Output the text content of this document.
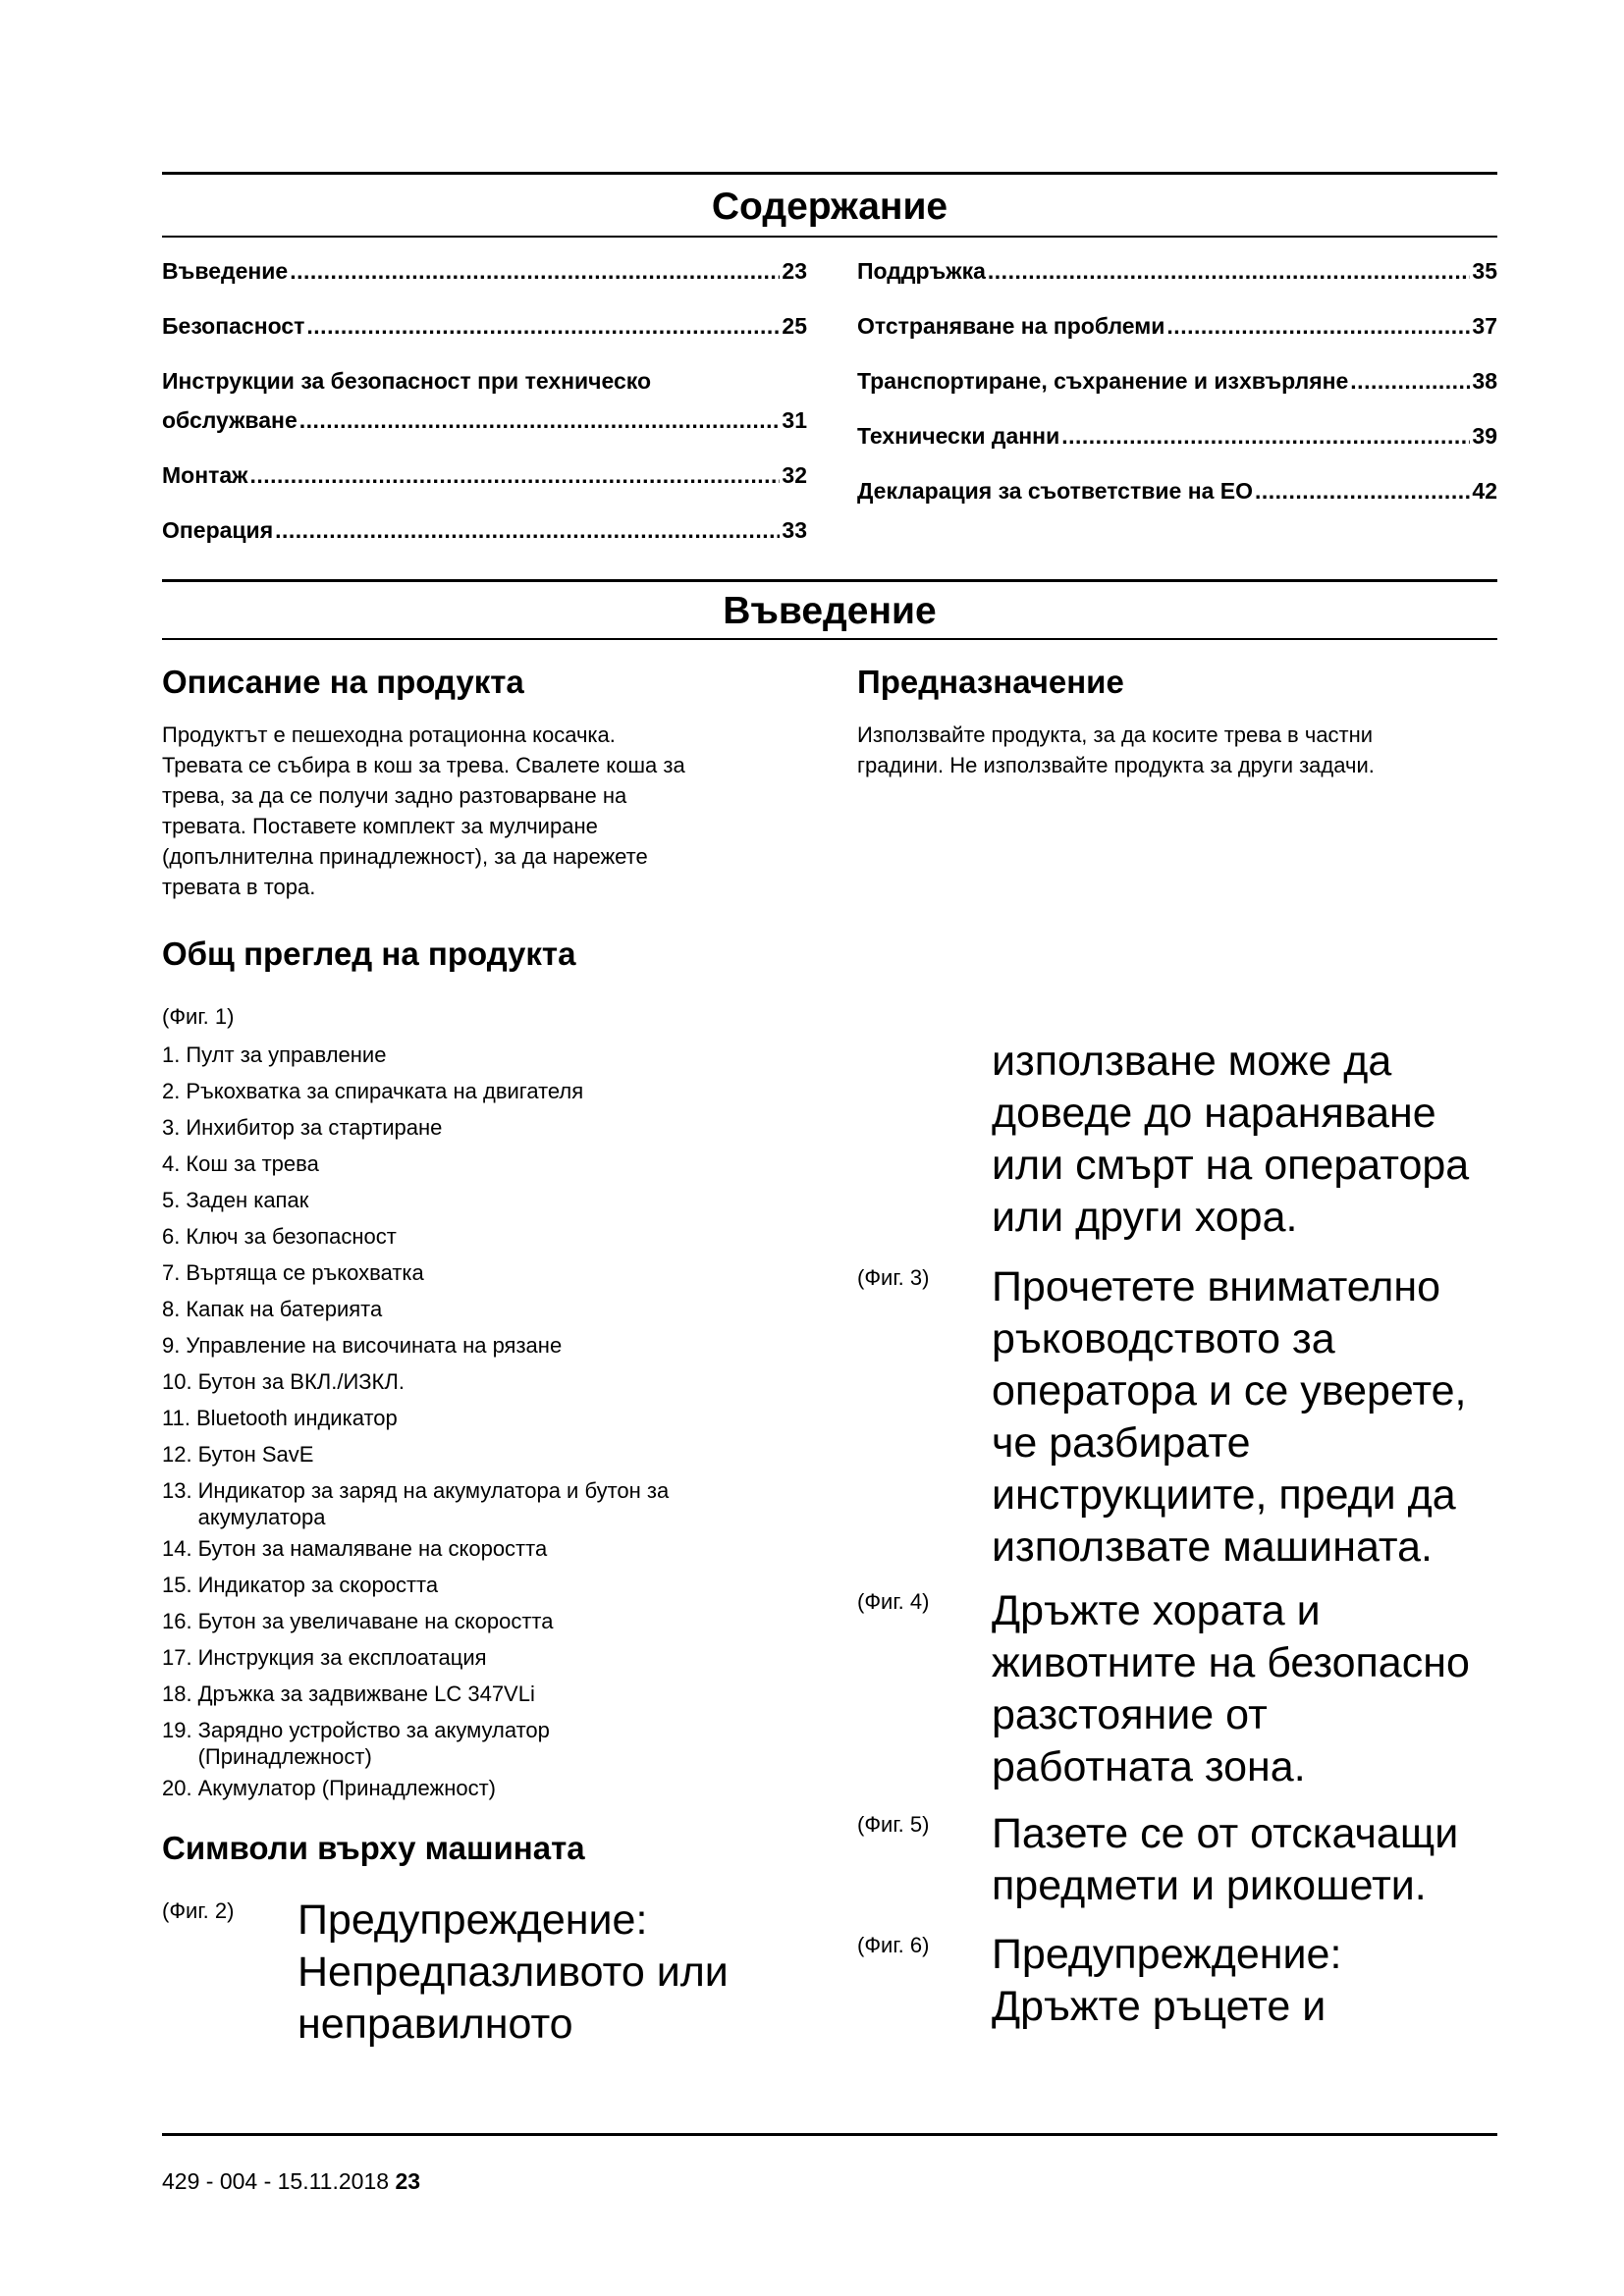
Содержание
Въведение .....	23
Безопасност .....	25
Инструкции за безопасност при техническо
обслужване .....	31
Монтаж .....	32
Операция .....	33
Поддръжка .....	35
Отстраняване на проблеми .....	37
Транспортиране, съхранение и изхвърляне .....	38
Технически данни .....	39
Декларация за съответствие на ЕО .....	42
Въведение
Описание на продукта
Продуктът е пешеходна ротационна косачка.
Тревата се събира в кош за трева. Свалете коша за
трева, за да се получи задно разтоварване на
тревата. Поставете комплект за мулчиране
(допълнителна принадлежност), за да нарежете
тревата в тора.
Предназначение
Използвайте продукта, за да косите трева в частни
градини. Не използвайте продукта за други задачи.
Общ преглед на продукта
(Фиг. 1)
1. Пулт за управление
2. Ръкохватка за спирачката на двигателя
3. Инхибитор за стартиране
4. Кош за трева
5. Заден капак
6. Ключ за безопасност
7. Въртяща се ръкохватка
8. Капак на батерията
9. Управление на височината на рязане
10. Бутон за ВКЛ./ИЗКЛ.
11. Bluetooth индикатор
12. Бутон SavE
13. Индикатор за заряд на акумулатора и бутон за акумулатора
14. Бутон за намаляване на скоростта
15. Индикатор за скоростта
16. Бутон за увеличаване на скоростта
17. Инструкция за експлоатация
18. Дръжка за задвижване LC 347VLi
19. Зарядно устройство за акумулатор (Принадлежност)
20. Акумулатор (Принадлежност)
Символи върху машината
(Фиг. 2) Предупреждение:
Непредпазливото или
неправилното
използване може да
доведе до нараняване
или смърт на оператора
или други хора.
(Фиг. 3) Прочетете внимателно
ръководството за
оператора и се уверете,
че разбирате
инструкциите, преди да
използвате машината.
(Фиг. 4) Дръжте хората и
животните на безопасно
разстояние от
работната зона.
(Фиг. 5) Пазете се от отскачащи
предмети и рикошети.
(Фиг. 6) Предупреждение:
Дръжте ръцете и
429 - 004 - 15.11.2018 23
